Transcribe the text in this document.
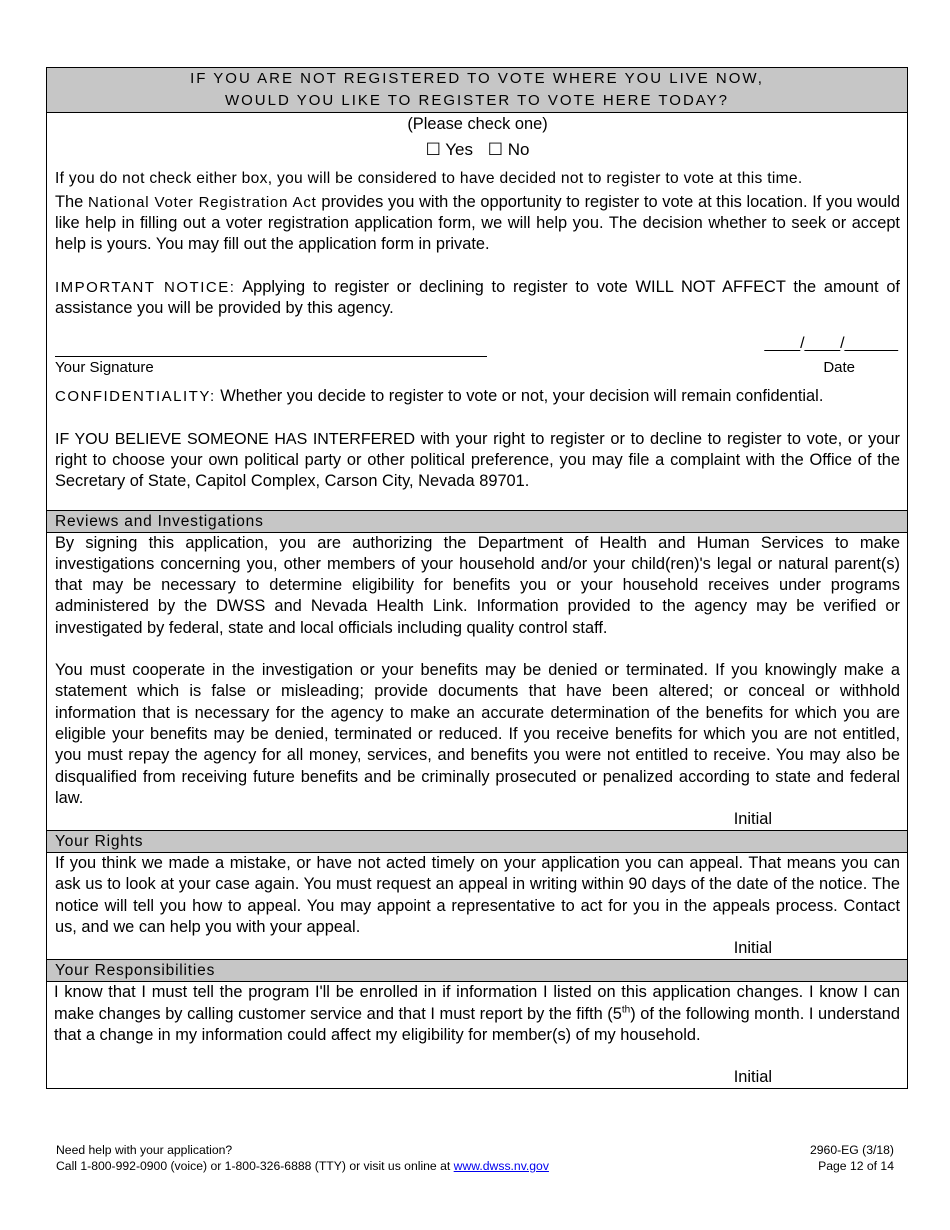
IF YOU ARE NOT REGISTERED TO VOTE WHERE YOU LIVE NOW,
WOULD YOU LIKE TO REGISTER TO VOTE HERE TODAY?
(Please check one)
☐ Yes ☐ No
If you do not check either box, you will be considered to have decided not to register to vote at this time.
The National Voter Registration Act provides you with the opportunity to register to vote at this location. If you would like help in filling out a voter registration application form, we will help you. The decision whether to seek or accept help is yours. You may fill out the application form in private.
IMPORTANT NOTICE: Applying to register or declining to register to vote WILL NOT AFFECT the amount of assistance you will be provided by this agency.
Your Signature
____/____/______
Date
CONFIDENTIALITY: Whether you decide to register to vote or not, your decision will remain confidential.
IF YOU BELIEVE SOMEONE HAS INTERFERED with your right to register or to decline to register to vote, or your right to choose your own political party or other political preference, you may file a complaint with the Office of the Secretary of State, Capitol Complex, Carson City, Nevada 89701.
Reviews and Investigations
By signing this application, you are authorizing the Department of Health and Human Services to make investigations concerning you, other members of your household and/or your child(ren)'s legal or natural parent(s) that may be necessary to determine eligibility for benefits you or your household receives under programs administered by the DWSS and Nevada Health Link. Information provided to the agency may be verified or investigated by federal, state and local officials including quality control staff.
You must cooperate in the investigation or your benefits may be denied or terminated. If you knowingly make a statement which is false or misleading; provide documents that have been altered; or conceal or withhold information that is necessary for the agency to make an accurate determination of the benefits for which you are eligible your benefits may be denied, terminated or reduced. If you receive benefits for which you are not entitled, you must repay the agency for all money, services, and benefits you were not entitled to receive. You may also be disqualified from receiving future benefits and be criminally prosecuted or penalized according to state and federal law.
Initial
Your Rights
If you think we made a mistake, or have not acted timely on your application you can appeal. That means you can ask us to look at your case again. You must request an appeal in writing within 90 days of the date of the notice. The notice will tell you how to appeal. You may appoint a representative to act for you in the appeals process. Contact us, and we can help you with your appeal.
Initial
Your Responsibilities
I know that I must tell the program I'll be enrolled in if information I listed on this application changes. I know I can make changes by calling customer service and that I must report by the fifth (5th) of the following month. I understand that a change in my information could affect my eligibility for member(s) of my household.
Initial
Need help with your application?
Call 1-800-992-0900 (voice) or 1-800-326-6888 (TTY) or visit us online at www.dwss.nv.gov
2960-EG (3/18)
Page 12 of 14
